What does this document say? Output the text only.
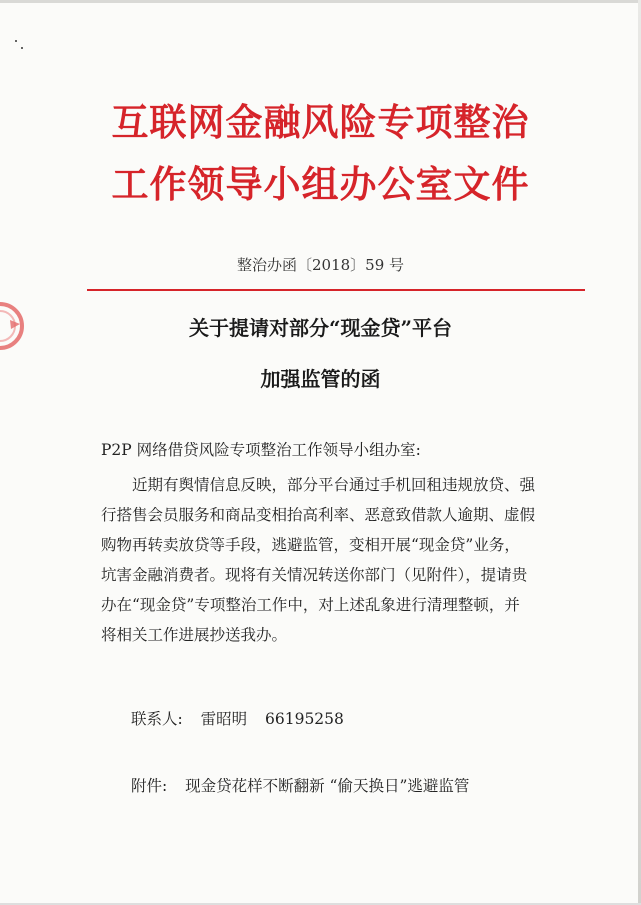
互联网金融风险专项整治
工作领导小组办公室文件
整治办函〔2018〕59 号
关于提请对部分“现金贷”平台
加强监管的函
P2P 网络借贷风险专项整治工作领导小组办室:
近期有舆情信息反映，部分平台通过手机回租违规放贷、强
行搭售会员服务和商品变相抬高利率、恶意致借款人逾期、虚假
购物再转卖放贷等手段，逃避监管，变相开展“现金贷”业务，
坑害金融消费者。现将有关情况转送你部门（见附件），提请贵
办在“现金贷”专项整治工作中，对上述乱象进行清理整顿，并
将相关工作进展抄送我办。
联系人: 雷昭明 66195258
附件: 现金贷花样不断翻新 “偷天换日”逃避监管
